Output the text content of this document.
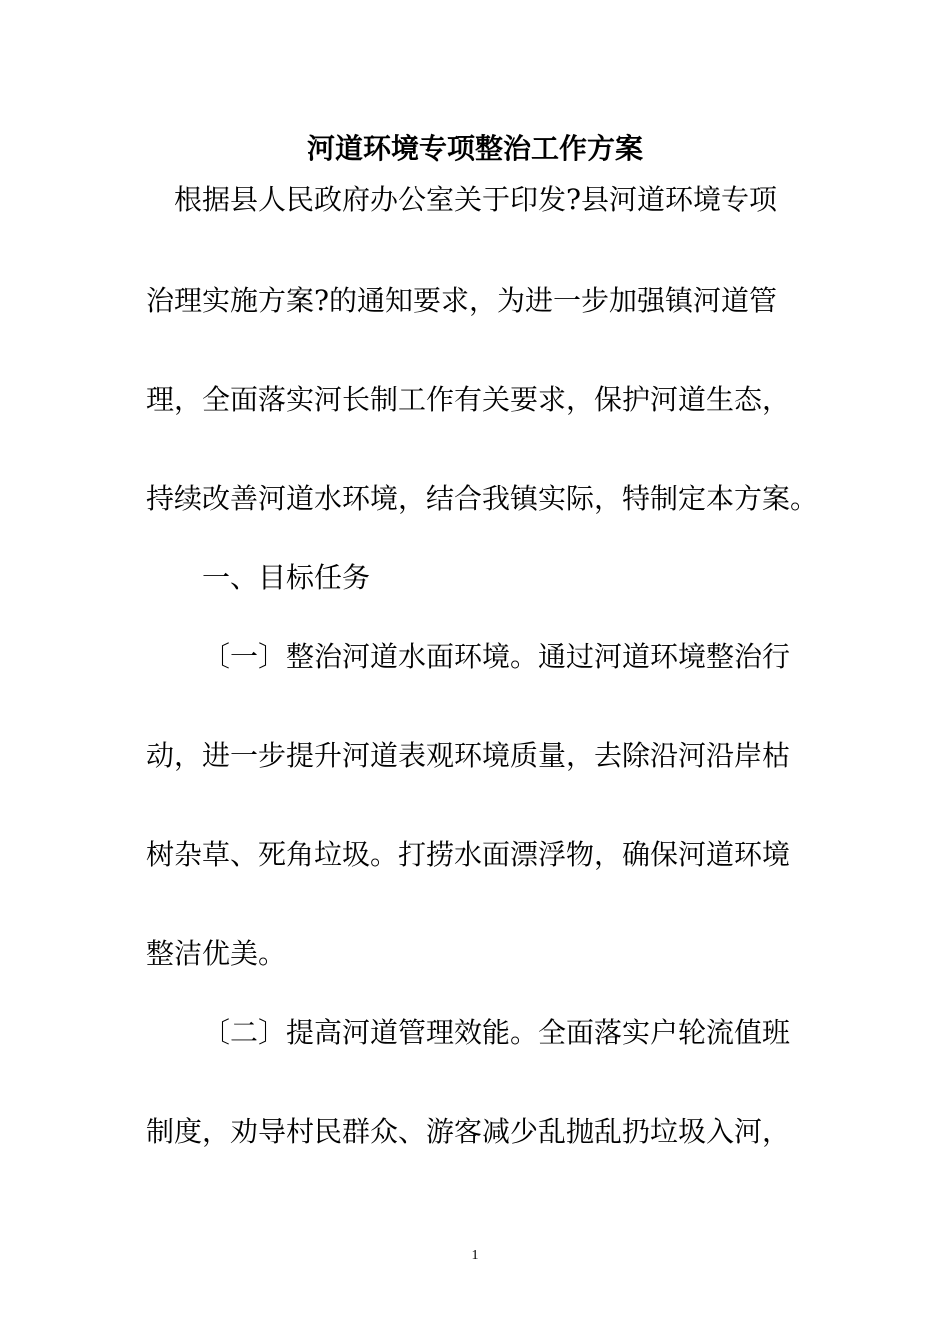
河道环境专项整治工作方案
根据县人民政府办公室关于印发?县河道环境专项
治理实施方案?的通知要求，为进一步加强镇河道管
理，全面落实河长制工作有关要求，保护河道生态，
持续改善河道水环境，结合我镇实际，特制定本方案。
一、目标任务
〔一〕整治河道水面环境。通过河道环境整治行
动，进一步提升河道表观环境质量，去除沿河沿岸枯
树杂草、死角垃圾。打捞水面漂浮物，确保河道环境
整洁优美。
〔二〕提高河道管理效能。全面落实户轮流值班
制度，劝导村民群众、游客减少乱抛乱扔垃圾入河，
1
